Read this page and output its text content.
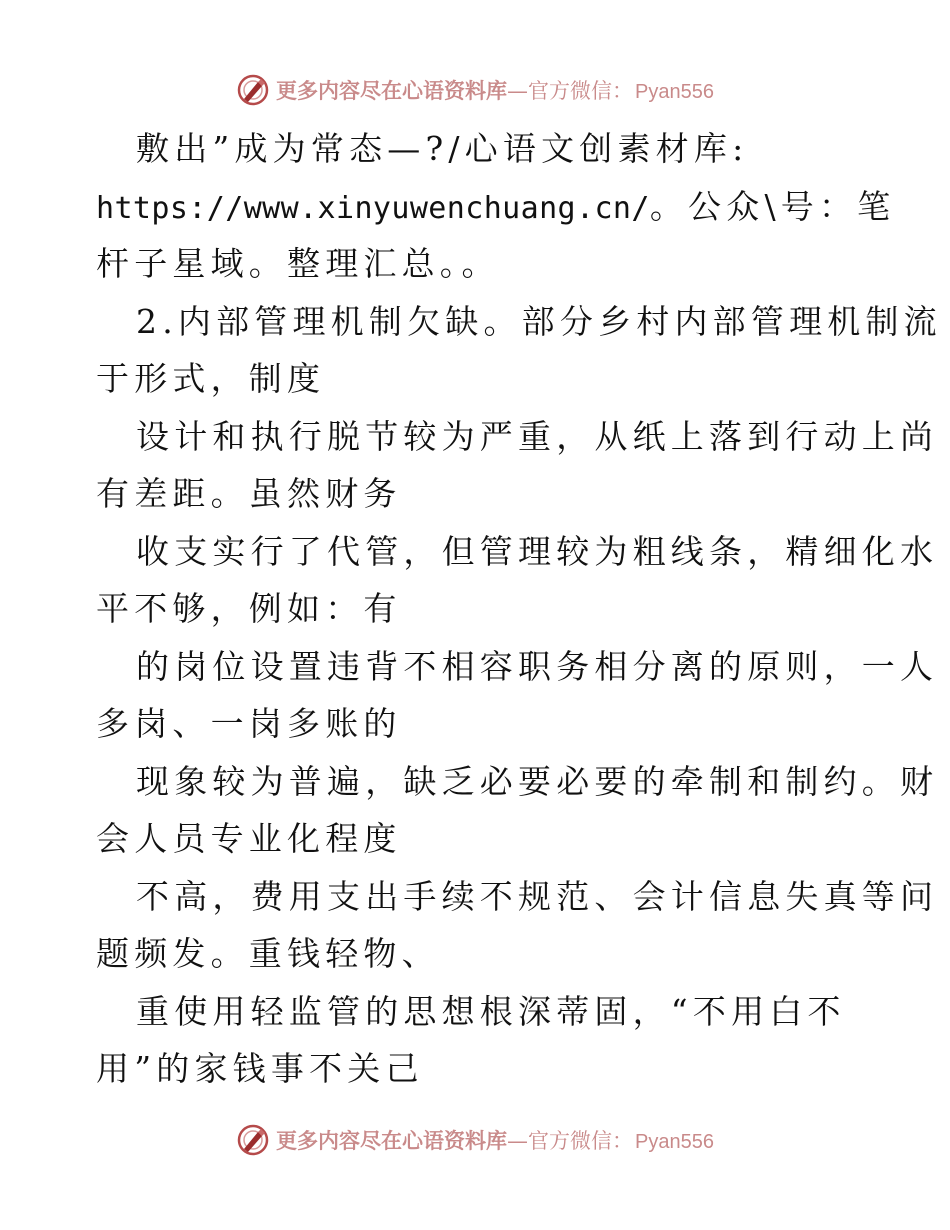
更多内容尽在心语资料库 — 官方微信： Pyan556
敷出”成为常态—?/心语文创素材库:
https://www.xinyuwenchuang.cn/。公众\号：笔
杆子星域。整理汇总。。
2.内部管理机制欠缺。部分乡村内部管理机制流
于形式，制度
设计和执行脱节较为严重，从纸上落到行动上尚
有差距。虽然财务
收支实行了代管，但管理较为粗线条，精细化水
平不够，例如：有
的岗位设置违背不相容职务相分离的原则，一人
多岗、一岗多账的
现象较为普遍，缺乏必要必要的牵制和制约。财
会人员专业化程度
不高，费用支出手续不规范、会计信息失真等问
题频发。重钱轻物、
重使用轻监管的思想根深蒂固，“不用白不
用”的家钱事不关己
更多内容尽在心语资料库 — 官方微信： Pyan556
